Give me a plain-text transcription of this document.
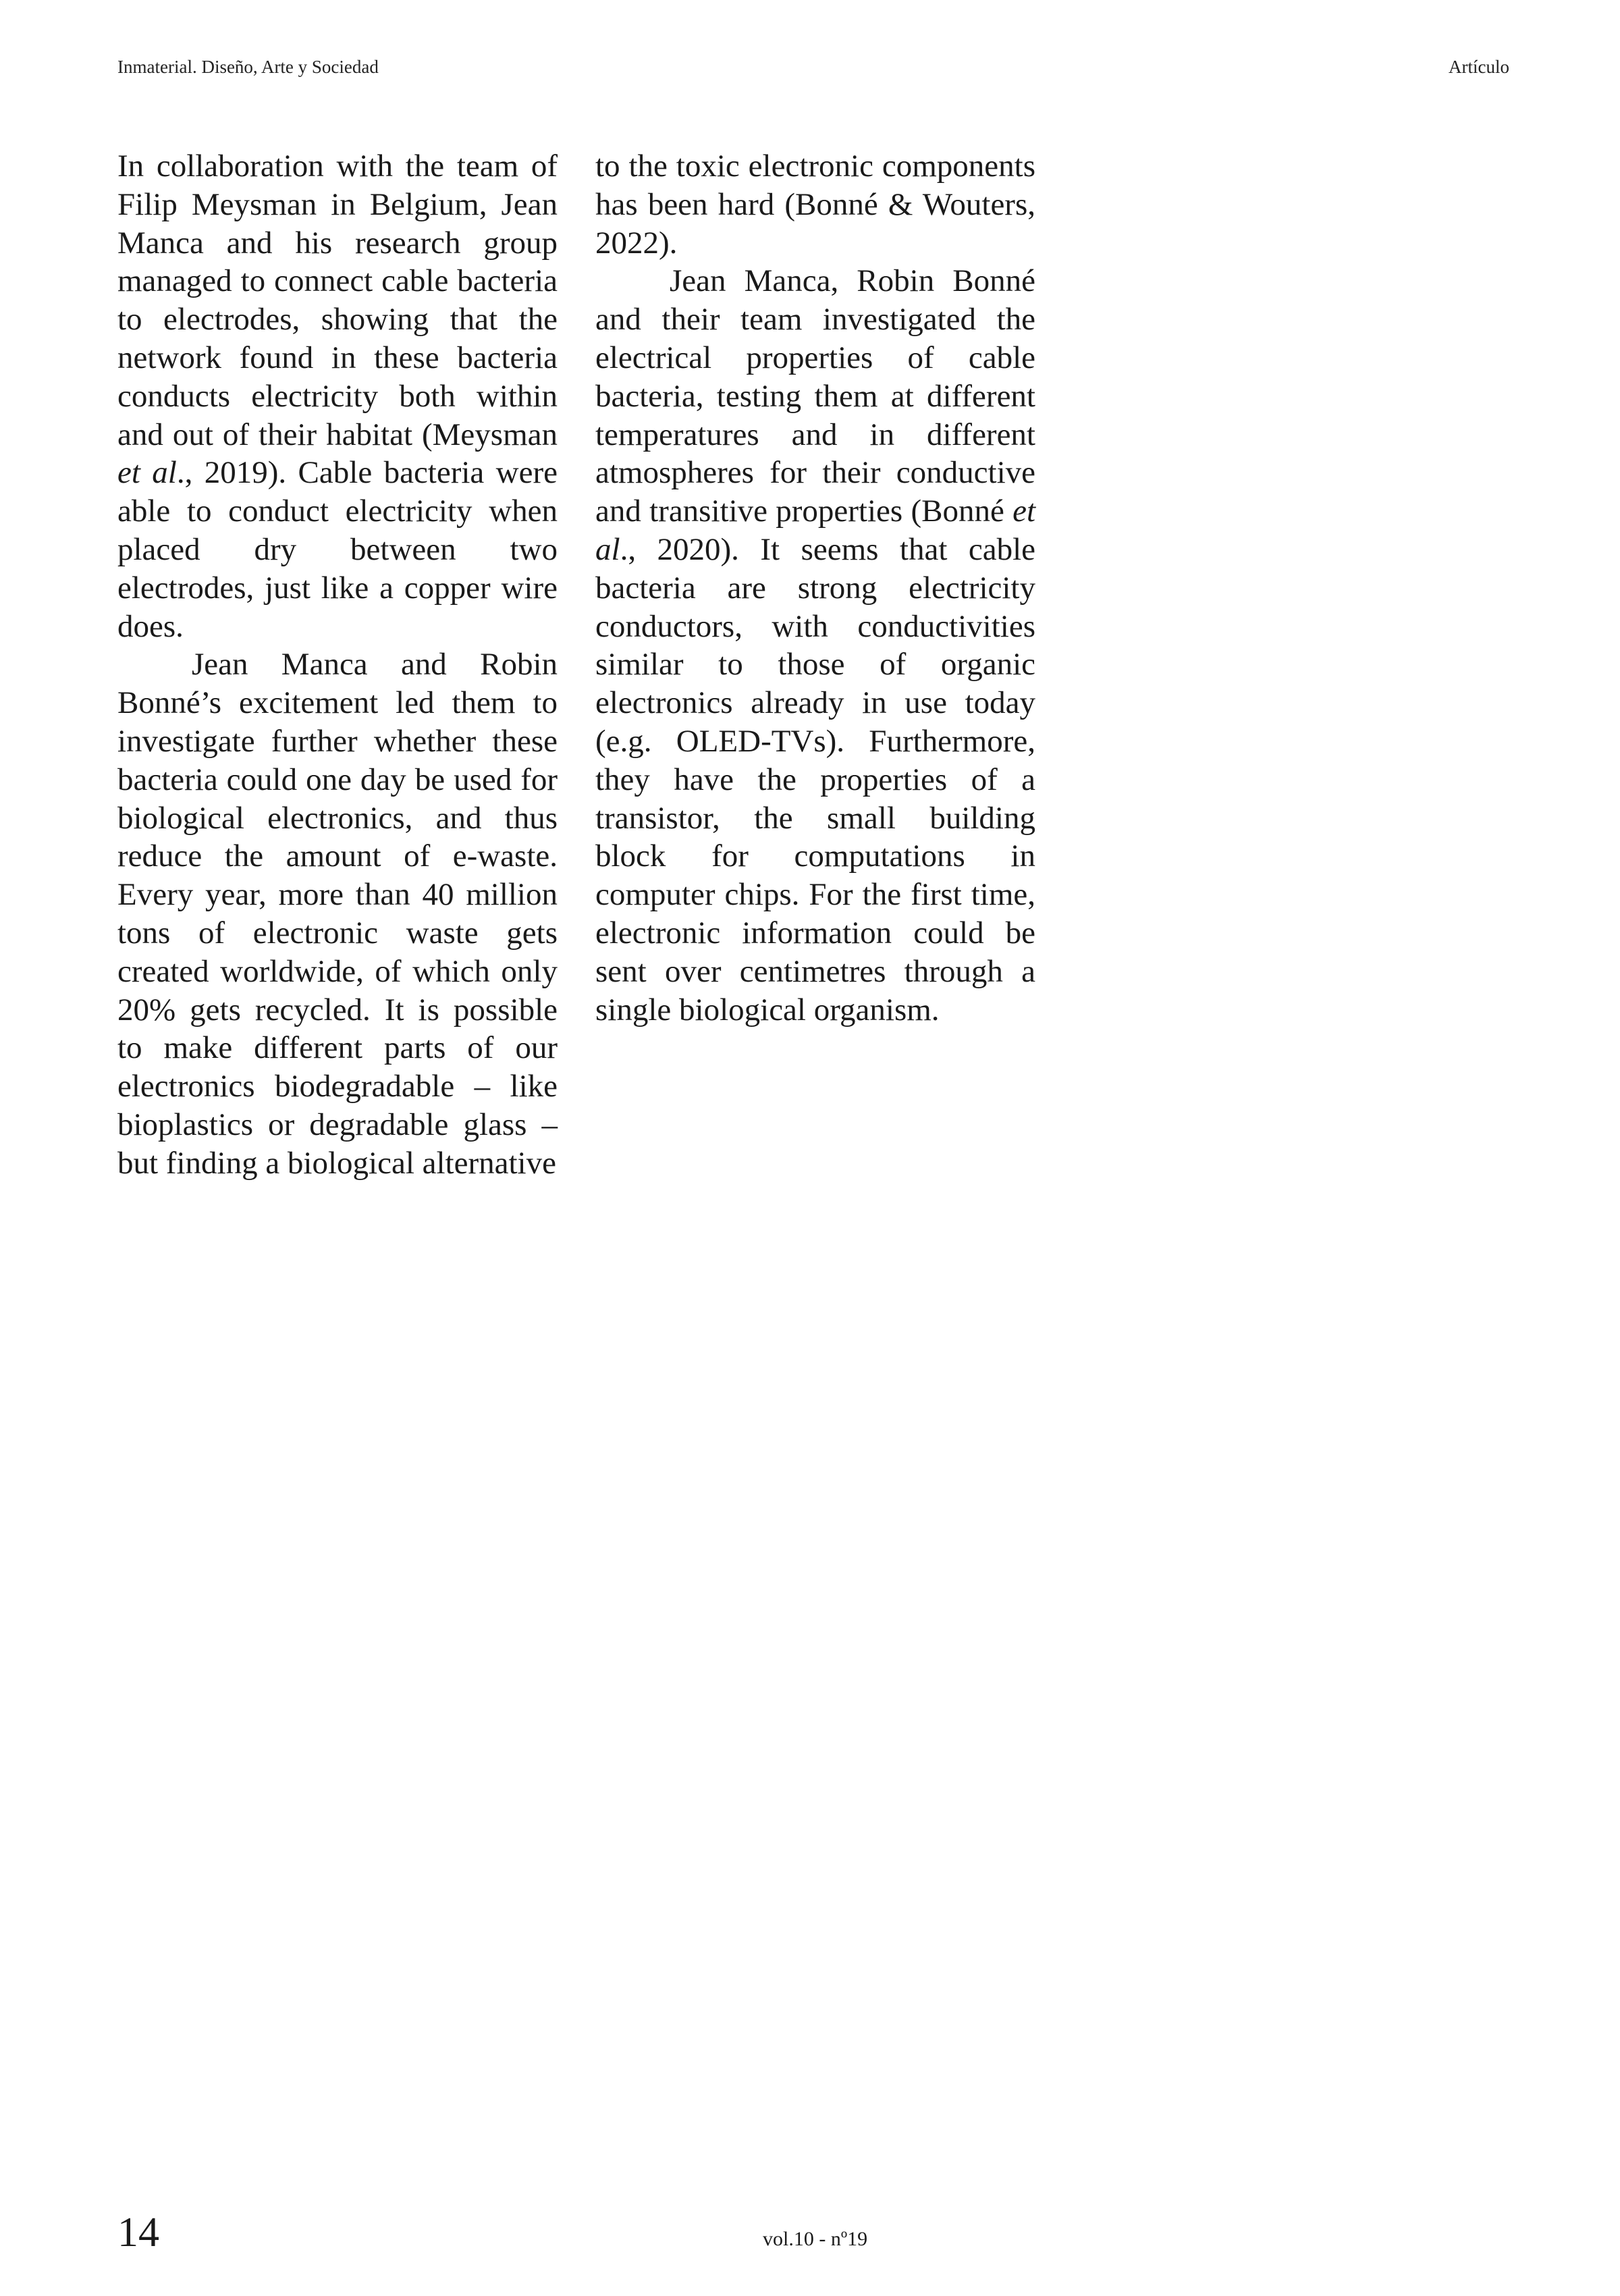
Inmaterial. Diseño, Arte y Sociedad	Artículo

In collaboration with the team of Filip Meysman in Belgium, Jean Manca and his research group managed to connect cable bacteria to electrodes, showing that the network found in these bacteria conducts electricity both within and out of their habitat (Meysman et al., 2019). Cable bacteria were able to conduct electricity when placed dry between two electrodes, just like a copper wire does.

Jean Manca and Robin Bonné’s excitement led them to investigate further whether these bacteria could one day be used for biological electronics, and thus reduce the amount of e-waste. Every year, more than 40 million tons of electronic waste gets created worldwide, of which only 20% gets recycled. It is possible to make different parts of our electronics biodegradable – like bioplastics or degradable glass – but finding a biological alternative

to the toxic electronic components has been hard (Bonné & Wouters, 2022).

Jean Manca, Robin Bonné and their team investigated the electrical properties of cable bacteria, testing them at different temperatures and in different atmospheres for their conductive and transitive properties (Bonné et al., 2020). It seems that cable bacteria are strong electricity conductors, with conductivities similar to those of organic electronics already in use today (e.g. OLED-TVs). Furthermore, they have the properties of a transistor, the small building block for computations in computer chips. For the first time, electronic information could be sent over centimetres through a single biological organism.

14	vol.10 - nº19
